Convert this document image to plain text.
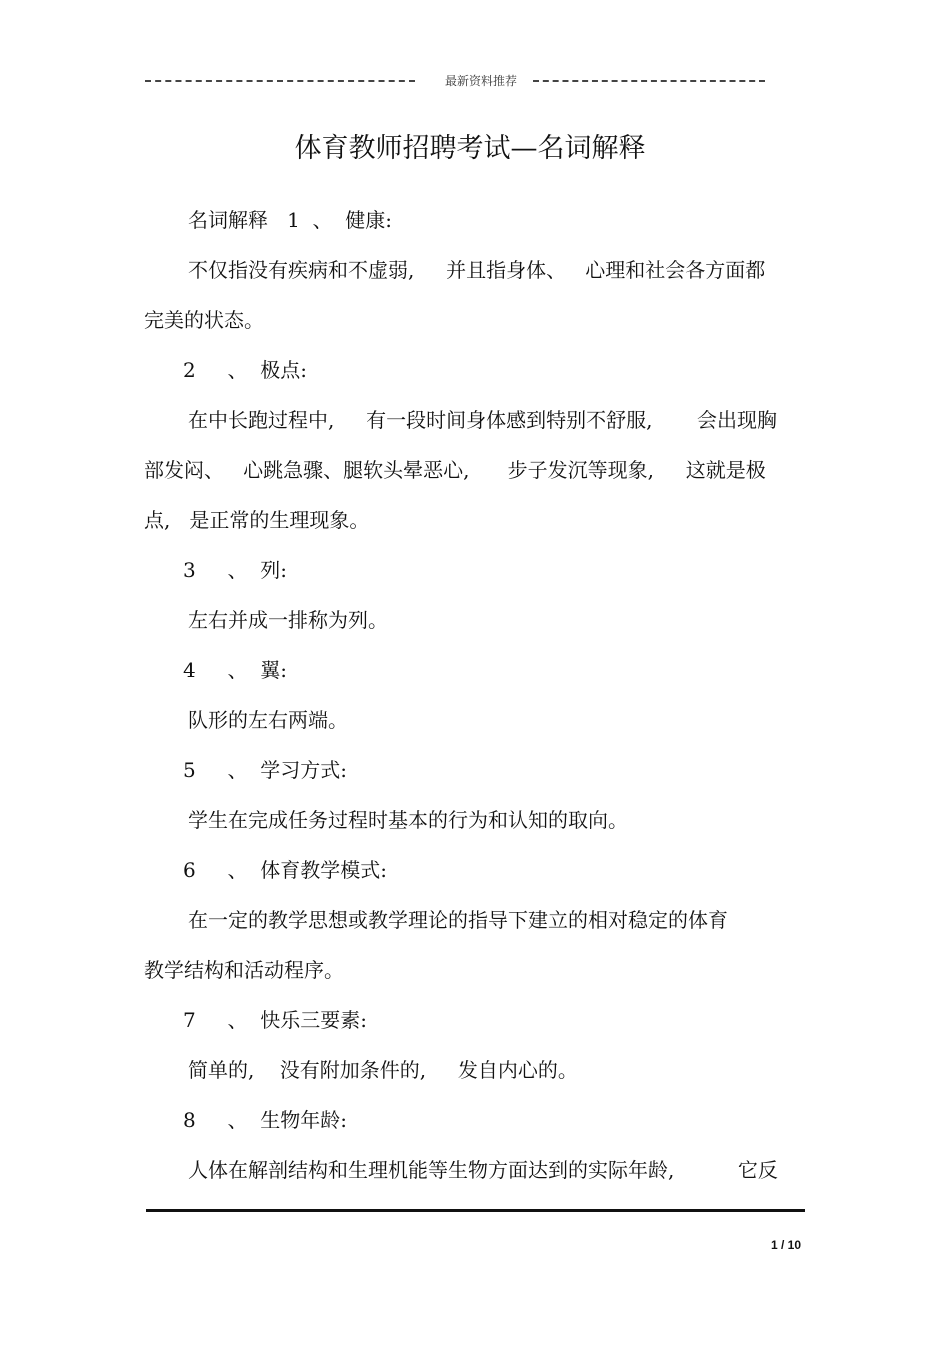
最新资料推荐
体育教师招聘考试—名词解释
名词解释   1  、  健康:
不仅指没有疾病和不虚弱,     并且指身体、   心理和社会各方面都
完美的状态。
2     、  极点:
在中长跑过程中,     有一段时间身体感到特别不舒服,       会出现胸
部发闷、   心跳急骤、腿软头晕恶心,      步子发沉等现象,     这就是极
点,   是正常的生理现象。
3     、  列:
左右并成一排称为列。
4     、  翼:
队形的左右两端。
5     、  学习方式:
学生在完成任务过程时基本的行为和认知的取向。
6     、  体育教学模式:
在一定的教学思想或教学理论的指导下建立的相对稳定的体育
教学结构和活动程序。
7     、  快乐三要素:
简单的,    没有附加条件的,     发自内心的。
8     、  生物年龄:
人体在解剖结构和生理机能等生物方面达到的实际年龄,          它反
1 / 10
